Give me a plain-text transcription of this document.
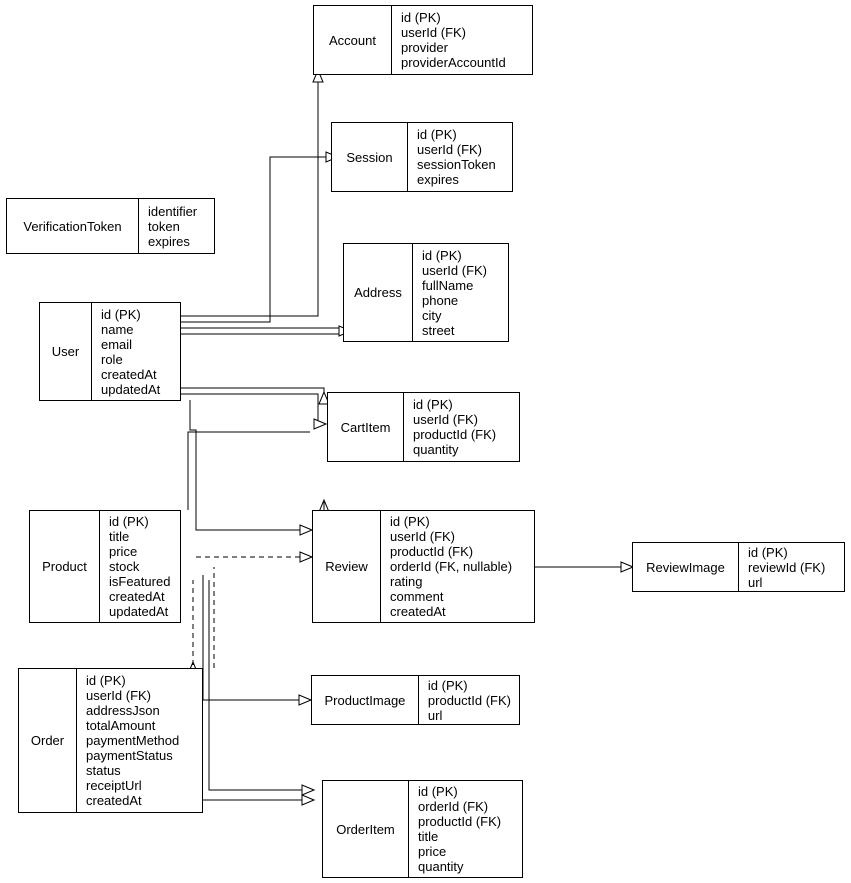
Account
id (PK)
userId (FK)
provider
providerAccountId
Session
id (PK)
userId (FK)
sessionToken
expires
VerificationToken
identifier
token
expires
Address
id (PK)
userId (FK)
fullName
phone
city
street
User
id (PK)
name
email
role
createdAt
updatedAt
CartItem
id (PK)
userId (FK)
productId (FK)
quantity
Product
id (PK)
title
price
stock
isFeatured
createdAt
updatedAt
Review
id (PK)
userId (FK)
productId (FK)
orderId (FK, nullable)
rating
comment
createdAt
ReviewImage
id (PK)
reviewId (FK)
url
Order
id (PK)
userId (FK)
addressJson
totalAmount
paymentMethod
paymentStatus
status
receiptUrl
createdAt
ProductImage
id (PK)
productId (FK)
url
OrderItem
id (PK)
orderId (FK)
productId (FK)
title
price
quantity
